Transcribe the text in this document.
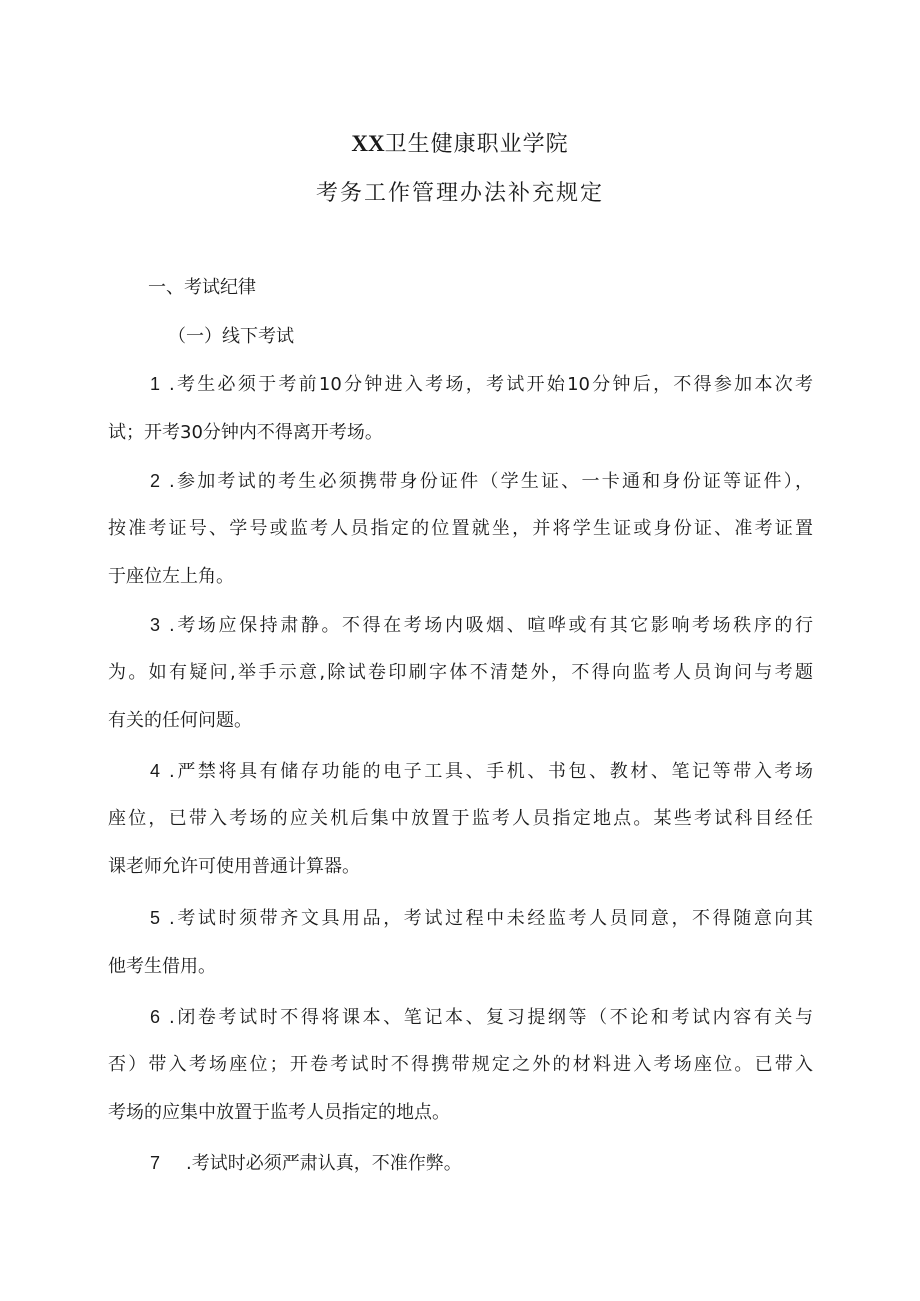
XX卫生健康职业学院
考务工作管理办法补充规定
一、考试纪律
（一）线下考试
1 .考生必须于考前10分钟进入考场，考试开始10分钟后，不得参加本次考
试；开考30分钟内不得离开考场。
2 .参加考试的考生必须携带身份证件（学生证、一卡通和身份证等证件），
按准考证号、学号或监考人员指定的位置就坐，并将学生证或身份证、准考证置
于座位左上角。
3 .考场应保持肃静。不得在考场内吸烟、喧哗或有其它影响考场秩序的行
为。如有疑问,举手示意,除试卷印刷字体不清楚外，不得向监考人员询问与考题
有关的任何问题。
4 .严禁将具有储存功能的电子工具、手机、书包、教材、笔记等带入考场
座位，已带入考场的应关机后集中放置于监考人员指定地点。某些考试科目经任
课老师允许可使用普通计算器。
5 .考试时须带齐文具用品，考试过程中未经监考人员同意，不得随意向其
他考生借用。
6 .闭卷考试时不得将课本、笔记本、复习提纲等（不论和考试内容有关与
否）带入考场座位；开卷考试时不得携带规定之外的材料进入考场座位。已带入
考场的应集中放置于监考人员指定的地点。
7 .考试时必须严肃认真，不准作弊。
